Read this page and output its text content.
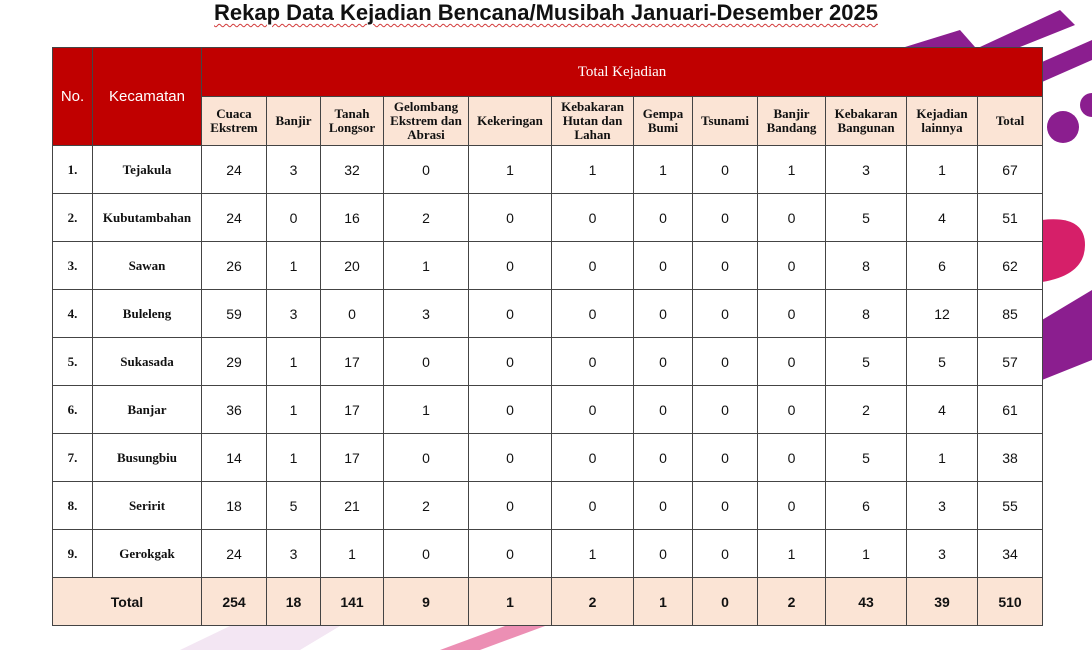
Rekap Data Kejadian Bencana/Musibah Januari-Desember 2025
No.	Kecamatan	Total Kejadian											
		Cuaca Ekstrem	Banjir	Tanah Longsor	Gelombang Ekstrem dan Abrasi	Kekeringan	Kebakaran Hutan dan Lahan	Gempa Bumi	Tsunami	Banjir Bandang	Kebakaran Bangunan	Kejadian lainnya	Total
1.	Tejakula	24	3	32	0	1	1	1	0	1	3	1	67
2.	Kubutambahan	24	0	16	2	0	0	0	0	0	5	4	51
3.	Sawan	26	1	20	1	0	0	0	0	0	8	6	62
4.	Buleleng	59	3	0	3	0	0	0	0	0	8	12	85
5.	Sukasada	29	1	17	0	0	0	0	0	0	5	5	57
6.	Banjar	36	1	17	1	0	0	0	0	0	2	4	61
7.	Busungbiu	14	1	17	0	0	0	0	0	0	5	1	38
8.	Seririt	18	5	21	2	0	0	0	0	0	6	3	55
9.	Gerokgak	24	3	1	0	0	1	0	0	1	1	3	34
Total		254	18	141	9	1	2	1	0	2	43	39	510
